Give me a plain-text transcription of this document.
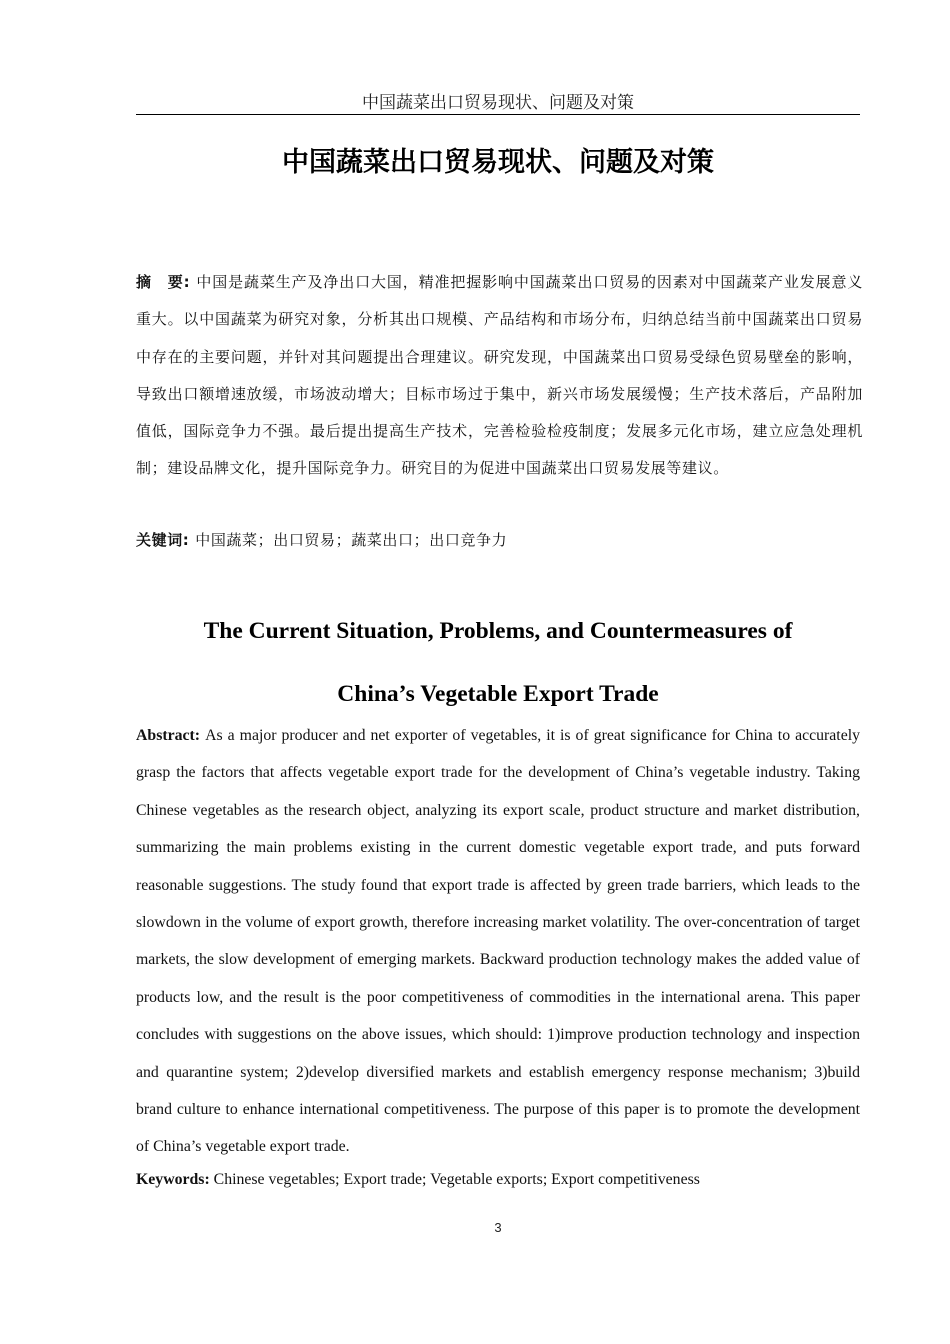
中国蔬菜出口贸易现状、问题及对策
中国蔬菜出口贸易现状、问题及对策
摘　要: 中国是蔬菜生产及净出口大国，精准把握影响中国蔬菜出口贸易的因素对中国蔬菜产业发展意义重大。以中国蔬菜为研究对象，分析其出口规模、产品结构和市场分布，归纳总结当前中国蔬菜出口贸易中存在的主要问题，并针对其问题提出合理建议。研究发现，中国蔬菜出口贸易受绿色贸易壁垒的影响，导致出口额增速放缓，市场波动增大；目标市场过于集中，新兴市场发展缓慢；生产技术落后，产品附加值低，国际竞争力不强。最后提出提高生产技术，完善检验检疫制度；发展多元化市场，建立应急处理机制；建设品牌文化，提升国际竞争力。研究目的为促进中国蔬菜出口贸易发展等建议。
关键词: 中国蔬菜；出口贸易；蔬菜出口；出口竞争力
The Current Situation, Problems, and Countermeasures of
China’s Vegetable Export Trade
Abstract: As a major producer and net exporter of vegetables, it is of great significance for China to accurately grasp the factors that affects vegetable export trade for the development of China’s vegetable industry. Taking Chinese vegetables as the research object, analyzing its export scale, product structure and market distribution, summarizing the main problems existing in the current domestic vegetable export trade, and puts forward reasonable suggestions. The study found that export trade is affected by green trade barriers, which leads to the slowdown in the volume of export growth, therefore increasing market volatility. The over-concentration of target markets, the slow development of emerging markets. Backward production technology makes the added value of products low, and the result is the poor competitiveness of commodities in the international arena. This paper concludes with suggestions on the above issues, which should: 1)improve production technology and inspection and quarantine system; 2)develop diversified markets and establish emergency response mechanism; 3)build brand culture to enhance international competitiveness. The purpose of this paper is to promote the development of China’s vegetable export trade.
Keywords: Chinese vegetables; Export trade; Vegetable exports; Export competitiveness
3
